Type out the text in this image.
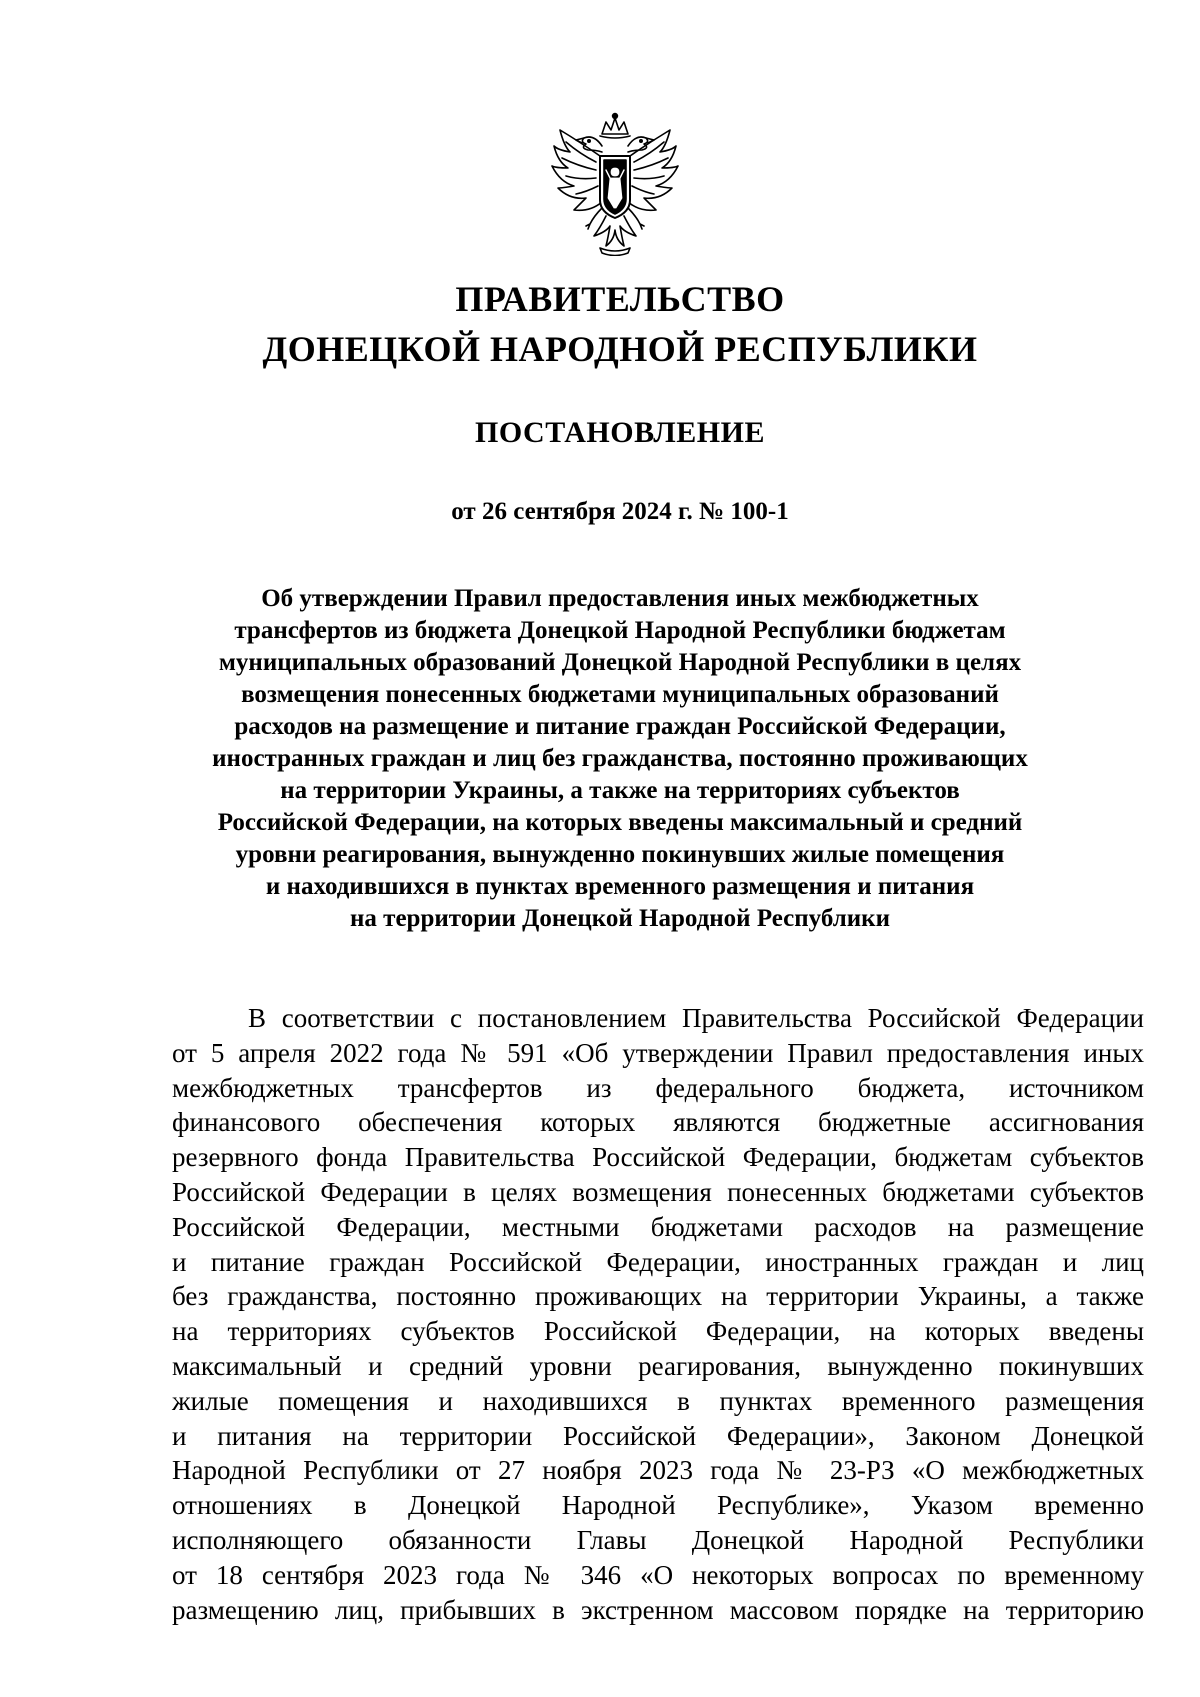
ПРАВИТЕЛЬСТВО
ДОНЕЦКОЙ НАРОДНОЙ РЕСПУБЛИКИ
ПОСТАНОВЛЕНИЕ
от 26 сентября 2024 г. № 100-1
Об утверждении Правил предоставления иных межбюджетных
трансфертов из бюджета Донецкой Народной Республики бюджетам
муниципальных образований Донецкой Народной Республики в целях
возмещения понесенных бюджетами муниципальных образований
расходов на размещение и питание граждан Российской Федерации,
иностранных граждан и лиц без гражданства, постоянно проживающих
на территории Украины, а также на территориях субъектов
Российской Федерации, на которых введены максимальный и средний
уровни реагирования, вынужденно покинувших жилые помещения
и находившихся в пунктах временного размещения и питания
на территории Донецкой Народной Республики
В соответствии с постановлением Правительства Российской Федерации
от 5 апреля 2022 года № 591 «Об утверждении Правил предоставления иных
межбюджетных трансфертов из федерального бюджета, источником
финансового обеспечения которых являются бюджетные ассигнования
резервного фонда Правительства Российской Федерации, бюджетам субъектов
Российской Федерации в целях возмещения понесенных бюджетами субъектов
Российской Федерации, местными бюджетами расходов на размещение
и питание граждан Российской Федерации, иностранных граждан и лиц
без гражданства, постоянно проживающих на территории Украины, а также
на территориях субъектов Российской Федерации, на которых введены
максимальный и средний уровни реагирования, вынужденно покинувших
жилые помещения и находившихся в пунктах временного размещения
и питания на территории Российской Федерации», Законом Донецкой
Народной Республики от 27 ноября 2023 года № 23-РЗ «О межбюджетных
отношениях в Донецкой Народной Республике», Указом временно
исполняющего обязанности Главы Донецкой Народной Республики
от 18 сентября 2023 года № 346 «О некоторых вопросах по временному
размещению лиц, прибывших в экстренном массовом порядке на территорию
